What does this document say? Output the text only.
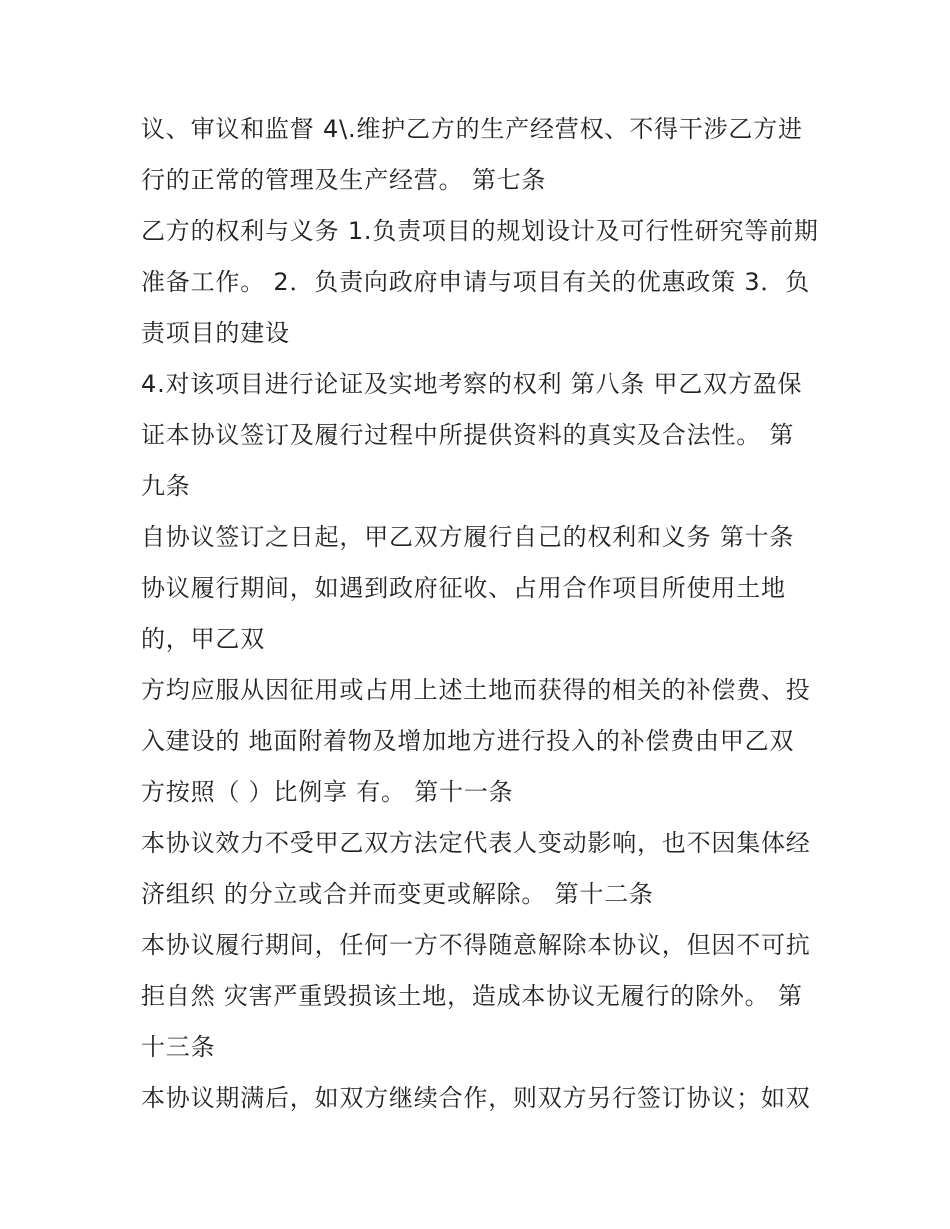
议、审议和监督 4\.维护乙方的生产经营权、不得干涉乙方进
行的正常的管理及生产经营。 第七条
乙方的权利与义务 1.负责项目的规划设计及可行性研究等前期
准备工作。 2．负责向政府申请与项目有关的优惠政策 3．负
责项目的建设
4.对该项目进行论证及实地考察的权利 第八条 甲乙双方盈保
证本协议签订及履行过程中所提供资料的真实及合法性。 第
九条
自协议签订之日起，甲乙双方履行自己的权利和义务 第十条
协议履行期间，如遇到政府征收、占用合作项目所使用土地
的，甲乙双
方均应服从因征用或占用上述土地而获得的相关的补偿费、投
入建设的 地面附着物及增加地方进行投入的补偿费由甲乙双
方按照（ ）比例享 有。 第十一条
本协议效力不受甲乙双方法定代表人变动影响，也不因集体经
济组织 的分立或合并而变更或解除。 第十二条
本协议履行期间，任何一方不得随意解除本协议，但因不可抗
拒自然 灾害严重毁损该土地，造成本协议无履行的除外。 第
十三条
本协议期满后，如双方继续合作，则双方另行签订协议；如双
